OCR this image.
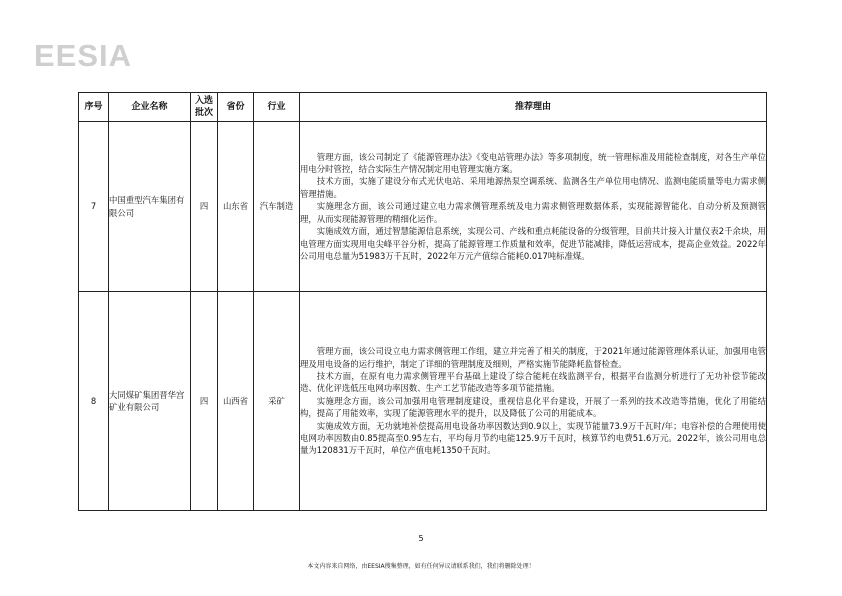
EESIA
序号	企业名称	入选批次	省份	行业	推荐理由
7	中国重型汽车集团有限公司	四	山东省	汽车制造	管理方面，该公司制定了《能源管理办法》《变电站管理办法》等多项制度，统一管理标准及用能检查制度，对各生产单位用电分时管控，结合实际生产情况制定用电管理实施方案。

技术方面，实施了建设分布式光伏电站、采用地源热泵空调系统、监测各生产单位用电情况、监测电能质量等电力需求侧管理措施。

实施理念方面，该公司通过建立电力需求侧管理系统及电力需求侧管理数据体系，实现能源智能化、自动分析及预测管理，从而实现能源管理的精细化运作。

实施成效方面，通过智慧能源信息系统，实现公司、产线和重点耗能设备的分级管理，目前共计接入计量仪表2千余块，用电管理方面实现用电尖峰平谷分析，提高了能源管理工作质量和效率，促进节能减排，降低运营成本，提高企业效益。2022年公司用电总量为51983万千瓦时，2022年万元产值综合能耗0.017吨标准煤。

8	大同煤矿集团晋华宫矿业有限公司	四	山西省	采矿	管理方面，该公司设立电力需求侧管理工作组，建立并完善了相关的制度，于2021年通过能源管理体系认证，加强用电管理及用电设备的运行维护，制定了详细的管理制度及细则，严格实施节能降耗监督检查。

技术方面，在原有电力需求侧管理平台基础上建设了综合能耗在线监测平台，根据平台监测分析进行了无功补偿节能改造、优化评选低压电网功率因数、生产工艺节能改造等多项节能措施。

实施理念方面，该公司加强用电管理制度建设，重视信息化平台建设，开展了一系列的技术改造等措施，优化了用能结构，提高了用能效率，实现了能源管理水平的提升，以及降低了公司的用能成本。

实施成效方面，无功就地补偿提高用电设备功率因数达到0.9以上，实现节能量73.9万千瓦时/年；电容补偿的合理使用使电网功率因数由0.85提高至0.95左右，平均每月节约电能125.9万千瓦时，核算节约电费51.6万元。2022年，该公司用电总量为120831万千瓦时，单位产值电耗1350千瓦时。

5
本文内容来自网络，由EESIA搜集整理，如有任何异议请联系我们，我们将删除处理！
